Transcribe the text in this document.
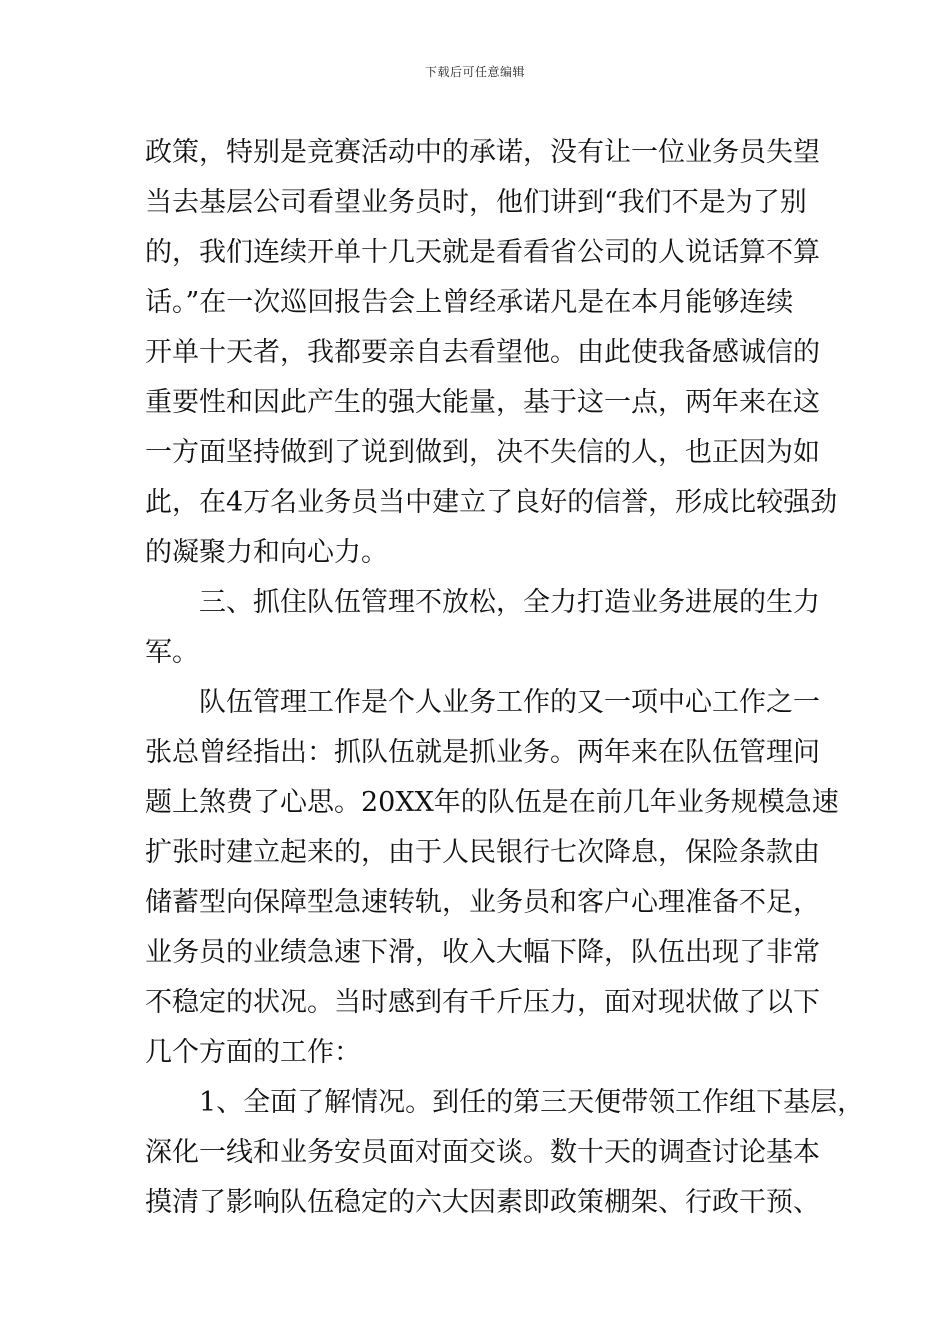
下载后可任意编辑
政策，特别是竞赛活动中的承诺，没有让一位业务员失望
当去基层公司看望业务员时，他们讲到“我们不是为了别
的，我们连续开单十几天就是看看省公司的人说话算不算
话。”在一次巡回报告会上曾经承诺凡是在本月能够连续
开单十天者，我都要亲自去看望他。由此使我备感诚信的
重要性和因此产生的强大能量，基于这一点，两年来在这
一方面坚持做到了说到做到，决不失信的人，也正因为如
此，在4万名业务员当中建立了良好的信誉，形成比较强劲
的凝聚力和向心力。
三、抓住队伍管理不放松，全力打造业务进展的生力
军。
队伍管理工作是个人业务工作的又一项中心工作之一
张总曾经指出：抓队伍就是抓业务。两年来在队伍管理问
题上煞费了心思。20XX年的队伍是在前几年业务规模急速
扩张时建立起来的，由于人民银行七次降息，保险条款由
储蓄型向保障型急速转轨，业务员和客户心理准备不足，
业务员的业绩急速下滑，收入大幅下降，队伍出现了非常
不稳定的状况。当时感到有千斤压力，面对现状做了以下
几个方面的工作：
1、全面了解情况。到任的第三天便带领工作组下基层，
深化一线和业务安员面对面交谈。数十天的调查讨论基本
摸清了影响队伍稳定的六大因素即政策棚架、行政干预、
